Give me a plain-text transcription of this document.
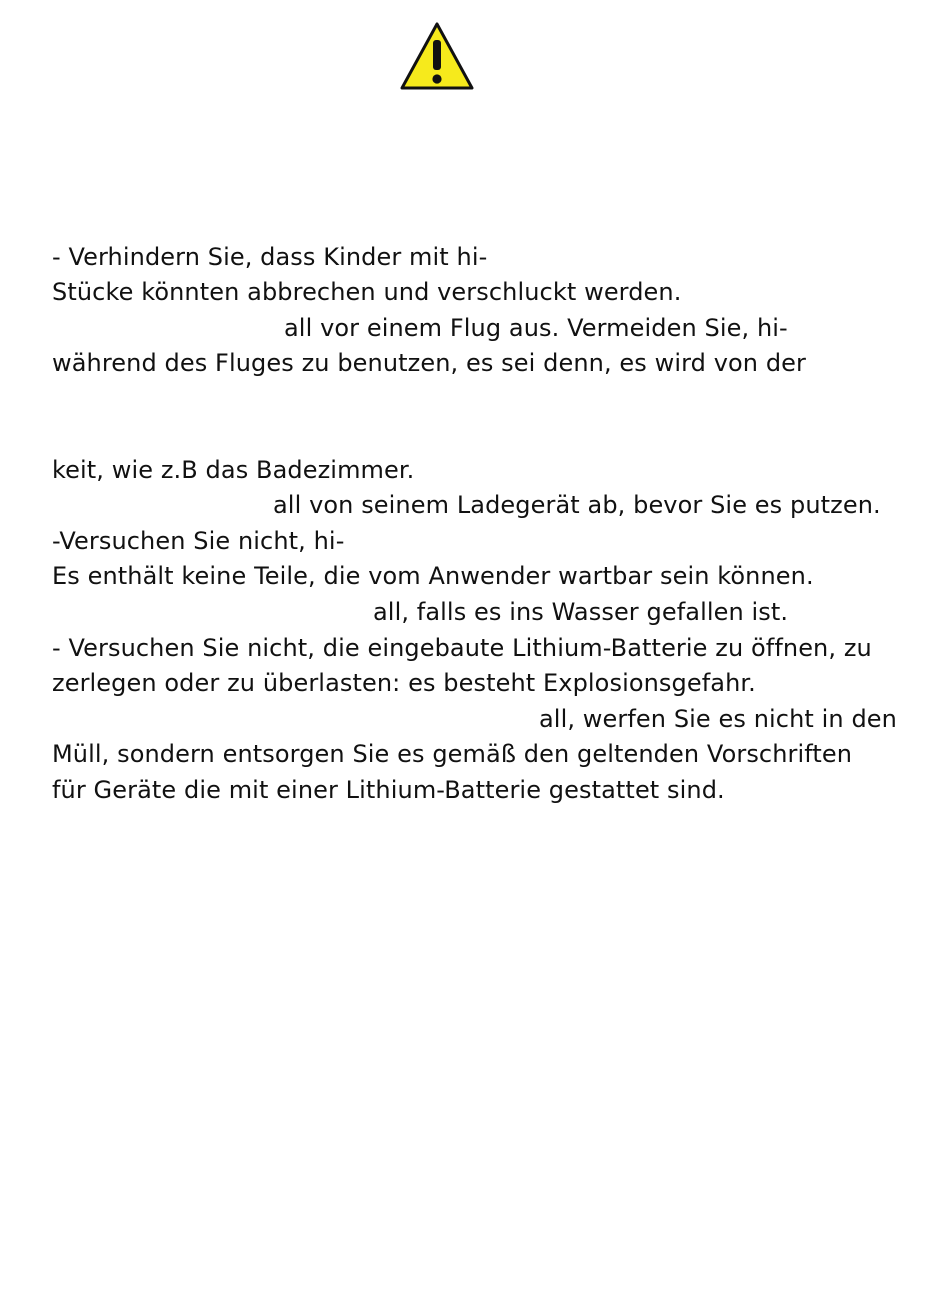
- Verhindern Sie, dass Kinder mit hi-
Stücke könnten abbrechen und verschluckt werden.
all vor einem Flug aus. Vermeiden Sie, hi-
während des Fluges zu benutzen, es sei denn, es wird von der
keit, wie z.B das Badezimmer.
all von seinem Ladegerät ab, bevor Sie es putzen.
-Versuchen Sie nicht, hi-
Es enthält keine Teile, die vom Anwender wartbar sein können.
all, falls es ins Wasser gefallen ist.
- Versuchen Sie nicht, die eingebaute Lithium-Batterie zu öffnen, zu
zerlegen oder zu überlasten: es besteht Explosionsgefahr.
all, werfen Sie es nicht in den
Müll, sondern entsorgen Sie es gemäß den geltenden Vorschriften
für Geräte die mit einer Lithium-Batterie gestattet sind.
